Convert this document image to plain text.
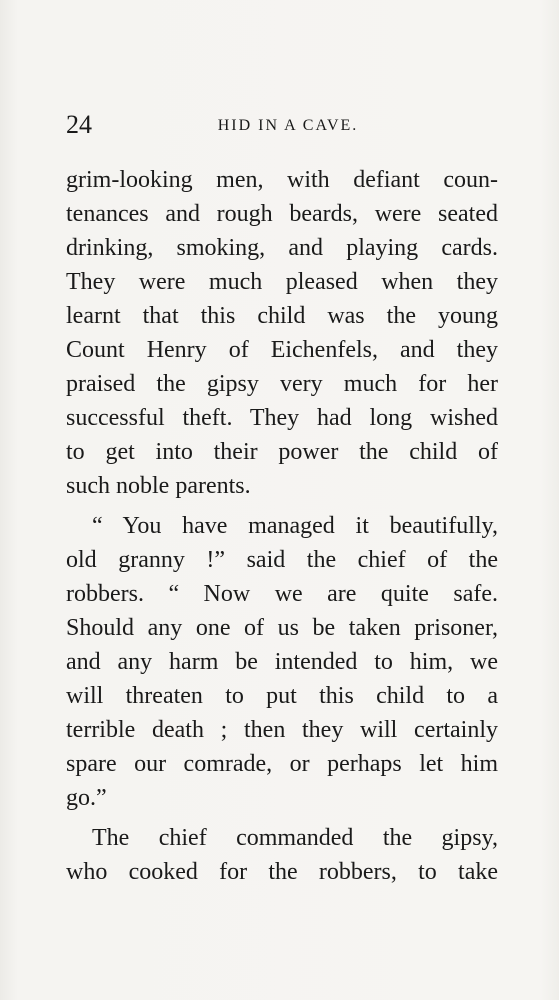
24	HID IN A CAVE.
grim-looking men, with defiant coun-
tenances and rough beards, were seated
drinking, smoking, and playing cards.
They were much pleased when they
learnt that this child was the young
Count Henry of Eichenfels, and they
praised the gipsy very much for her
successful theft. They had long wished
to get into their power the child of
such noble parents.
“ You have managed it beautifully,
old granny !” said the chief of the
robbers. “ Now we are quite safe.
Should any one of us be taken prisoner,
and any harm be intended to him, we
will threaten to put this child to a
terrible death ; then they will certainly
spare our comrade, or perhaps let him
go.”
The chief commanded the gipsy,
who cooked for the robbers, to take
